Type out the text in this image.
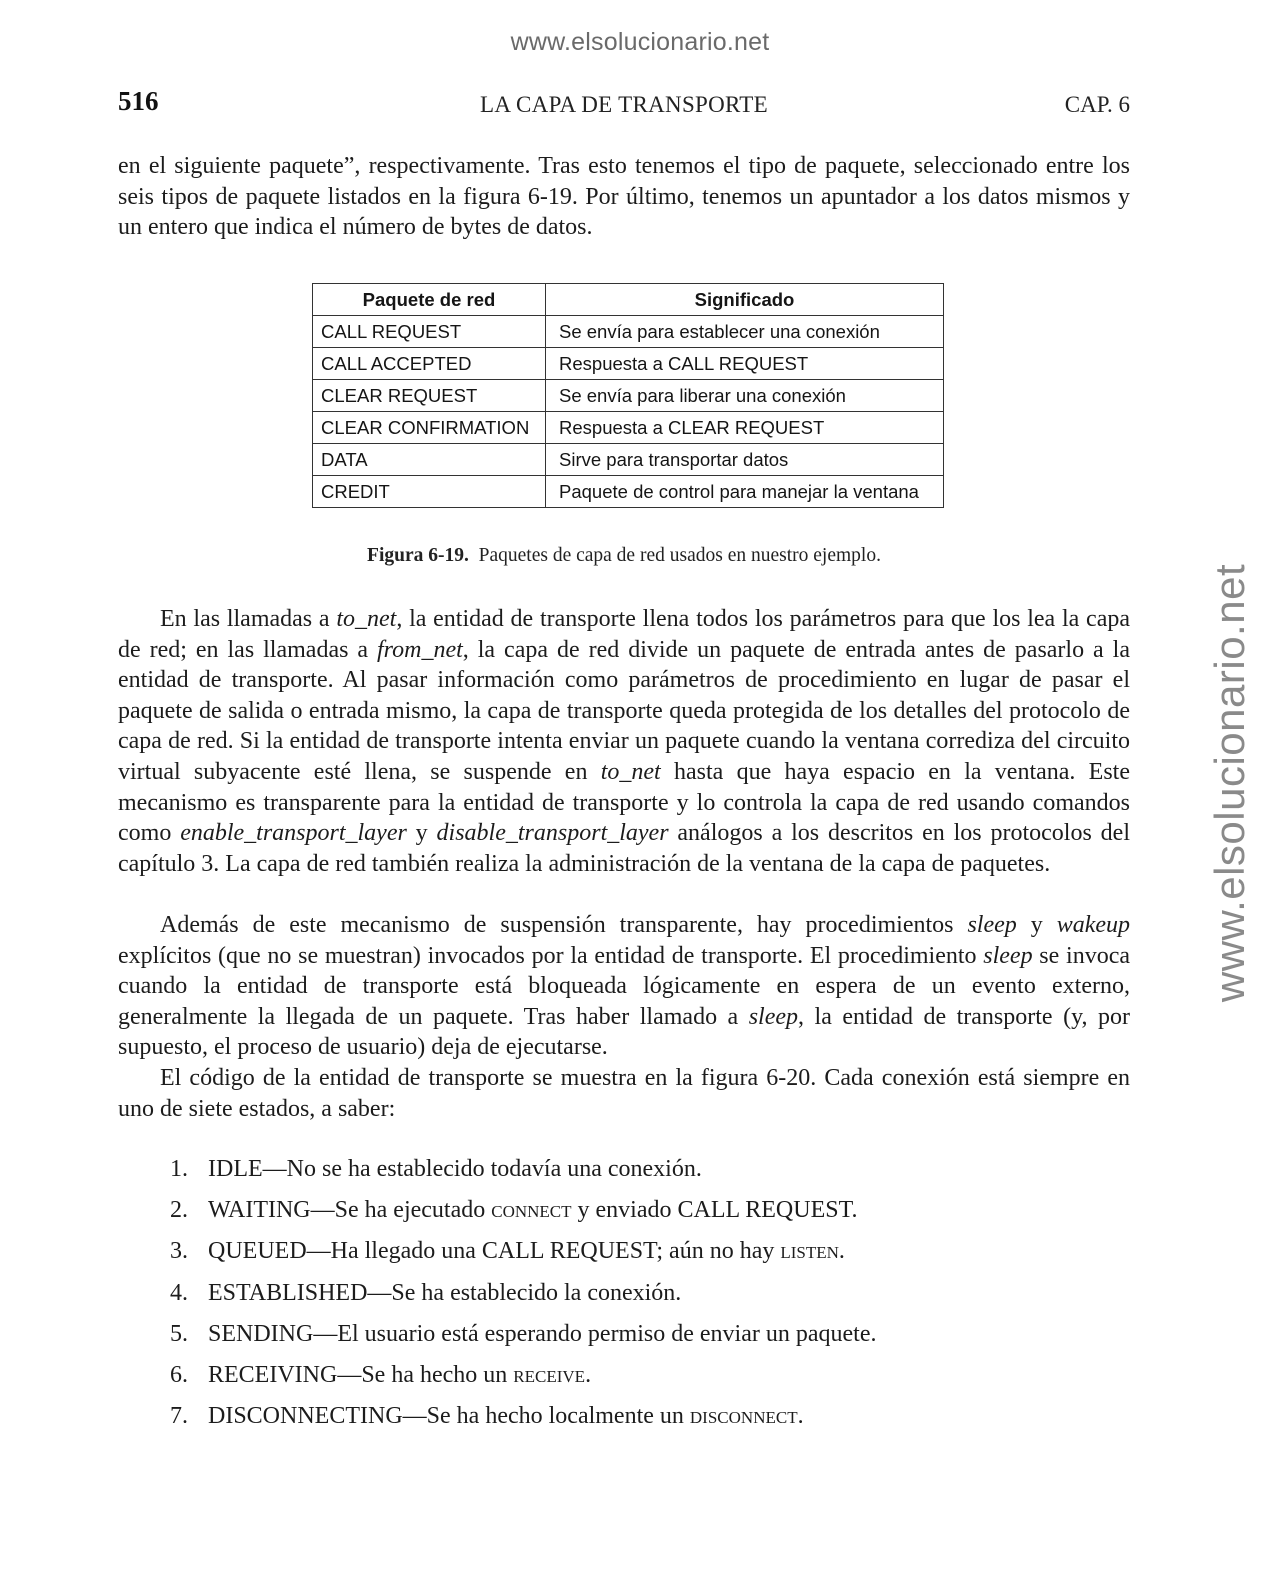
www.elsolucionario.net
www.elsolucionario.net
516	LA CAPA DE TRANSPORTE	CAP. 6

en el siguiente paquete”, respectivamente. Tras esto tenemos el tipo de paquete, seleccionado entre los seis tipos de paquete listados en la figura 6-19. Por último, tenemos un apuntador a los datos mismos y un entero que indica el número de bytes de datos.

Paquete de red	Significado
CALL REQUEST	Se envía para establecer una conexión
CALL ACCEPTED	Respuesta a CALL REQUEST
CLEAR REQUEST	Se envía para liberar una conexión
CLEAR CONFIRMATION	Respuesta a CLEAR REQUEST
DATA	Sirve para transportar datos
CREDIT	Paquete de control para manejar la ventana
Figura 6-19. Paquetes de capa de red usados en nuestro ejemplo.

En las llamadas a to_net, la entidad de transporte llena todos los parámetros para que los lea la capa de red; en las llamadas a from_net, la capa de red divide un paquete de entrada antes de pasarlo a la entidad de transporte. Al pasar información como parámetros de procedimiento en lugar de pasar el paquete de salida o entrada mismo, la capa de transporte queda protegida de los detalles del protocolo de capa de red. Si la entidad de transporte intenta enviar un paquete cuando la ventana corrediza del circuito virtual subyacente esté llena, se suspende en to_net hasta que haya espacio en la ventana. Este mecanismo es transparente para la entidad de transporte y lo controla la capa de red usando comandos como enable_transport_layer y disable_transport_layer análogos a los descritos en los protocolos del capítulo 3. La capa de red también realiza la administración de la ventana de la capa de paquetes.

Además de este mecanismo de suspensión transparente, hay procedimientos sleep y wakeup explícitos (que no se muestran) invocados por la entidad de transporte. El procedimiento sleep se invoca cuando la entidad de transporte está bloqueada lógicamente en espera de un evento externo, generalmente la llegada de un paquete. Tras haber llamado a sleep, la entidad de transporte (y, por supuesto, el proceso de usuario) deja de ejecutarse.

El código de la entidad de transporte se muestra en la figura 6-20. Cada conexión está siempre en uno de siete estados, a saber:

1. IDLE—No se ha establecido todavía una conexión.
2. WAITING—Se ha ejecutado connect y enviado CALL REQUEST.
3. QUEUED—Ha llegado una CALL REQUEST; aún no hay listen.
4. ESTABLISHED—Se ha establecido la conexión.
5. SENDING—El usuario está esperando permiso de enviar un paquete.
6. RECEIVING—Se ha hecho un receive.
7. DISCONNECTING—Se ha hecho localmente un disconnect.
